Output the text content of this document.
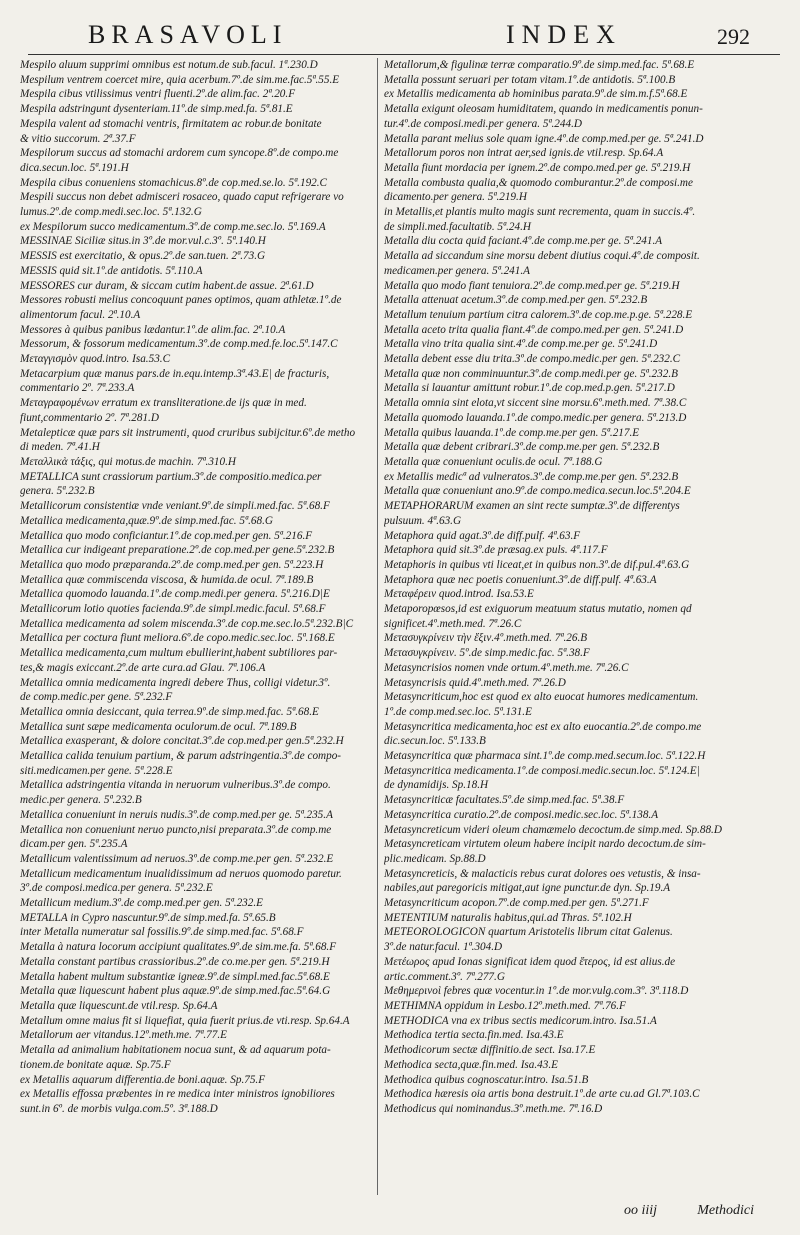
BRASAVOLI	INDEX	292
Mespilo aluum supprimi omnibus est notum.de sub.facul. 1ª.230.D
Mespilum ventrem coercet mire, quia acerbum.7º.de sim.me.fac.5ª.55.E
Mespila cibus vtilissimus ventri fluenti.2º.de alim.fac. 2ª.20.F
Mespila adstringunt dysenteriam.11º.de simp.med.fa. 5ª.81.E
Mespila valent ad stomachi ventris, firmitatem ac robur.de bonitate
& vitio succorum. 2ª.37.F
Mespilorum succus ad stomachi ardorem cum syncope.8º.de compo.me
dica.secun.loc. 5ª.191.H
Mespila cibus conueniens stomachicus.8º.de cop.med.se.lo. 5ª.192.C
Mespili succus non debet admisceri rosaceo, quado caput refrigerare vo
lumus.2º.de comp.medi.sec.loc. 5ª.132.G
ex Mespilorum succo medicamentum.3º.de comp.me.sec.lo. 5ª.169.A
MESSINAE Siciliæ situs.in 3º.de mor.vul.c.3º. 5ª.140.H
MESSIS est exercitatio, & opus.2º.de san.tuen. 2ª.73.G
MESSIS quid sit.1º.de antidotis. 5ª.110.A
MESSORES cur duram, & siccam cutim habent.de assue. 2ª.61.D
Messores robusti melius concoquunt panes optimos, quam athletæ.1º.de
alimentorum facul. 2ª.10.A
Messores à quibus panibus lædantur.1º.de alim.fac. 2ª.10.A
Messorum, & fossorum medicamentum.3º.de comp.med.fe.loc.5ª.147.C
Μεταγγισμὸν quod.intro. Isa.53.C
Metacarpium quæ manus pars.de in.equ.intemp.3ª.43.E| de fracturis,
commentario 2º. 7ª.233.A
Μεταγραφομένων erratum ex transliteratione.de ijs quæ in med.
fiunt,commentario 2º. 7ª.281.D
Metalepticæ quæ pars sit instrumenti, quod cruribus subijcitur.6º.de metho
di meden. 7ª.41.H
Μεταλλικὰ τάξις, qui motus.de machin. 7ª.310.H
METALLICA sunt crassiorum partium.3º.de compositio.medica.per
genera. 5ª.232.B
Metallicorum consistentiæ vnde veniant.9º.de simpli.med.fac. 5ª.68.F
Metallica medicamenta,quæ.9º.de simp.med.fac. 5ª.68.G
Metallica quo modo conficiantur.1º.de cop.med.per gen. 5ª.216.F
Metallica cur indigeant preparatione.2º.de cop.med.per gene.5ª.232.B
Metallica quo modo præparanda.2º.de comp.med.per gen. 5ª.223.H
Metallica quæ commiscenda viscosa, & humida.de ocul. 7ª.189.B
Metallica quomodo lauanda.1º.de comp.medi.per genera. 5ª.216.D|E
Metallicorum lotio quoties facienda.9º.de simpl.medic.facul. 5ª.68.F
Metallica medicamenta ad solem miscenda.3º.de cop.me.sec.lo.5ª.232.B|C
Metallica per coctura fiunt meliora.6º.de copo.medic.sec.loc. 5ª.168.E
Metallica medicamenta,cum multum ebullierint,habent subtiliores par-
tes,& magis exiccant.2º.de arte cura.ad Glau. 7ª.106.A
Metallica omnia medicamenta ingredi debere Thus, colligi videtur.3º.
de comp.medic.per gene. 5ª.232.F
Metallica omnia desiccant, quia terrea.9º.de simp.med.fac. 5ª.68.E
Metallica sunt sæpe medicamenta oculorum.de ocul. 7ª.189.B
Metallica exasperant, & dolore concitat.3º.de cop.med.per gen.5ª.232.H
Metallica calida tenuium partium, & parum adstringentia.3º.de compo-
siti.medicamen.per gene. 5ª.228.E
Metallica adstringentia vitanda in neruorum vulneribus.3º.de compo.
medic.per genera. 5ª.232.B
Metallica conueniunt in neruis nudis.3º.de comp.med.per ge. 5ª.235.A
Metallica non conueniunt neruo puncto,nisi preparata.3º.de comp.me
dicam.per gen. 5ª.235.A
Metallicum valentissimum ad neruos.3º.de comp.me.per gen. 5ª.232.E
Metallicum medicamentum inualidissimum ad neruos quomodo paretur.
3º.de composi.medica.per genera. 5ª.232.E
Metallicum medium.3º.de comp.med.per gen. 5ª.232.E
METALLA in Cypro nascuntur.9º.de simp.med.fa. 5ª.65.B
inter Metalla numeratur sal fossilis.9º.de simp.med.fac. 5ª.68.F
Metalla à natura locorum accipiunt qualitates.9º.de sim.me.fa. 5ª.68.F
Metalla constant partibus crassioribus.2º.de co.me.per gen. 5ª.219.H
Metalla habent multum substantiæ igneæ.9º.de simpl.med.fac.5ª.68.E
Metalla quæ liquescunt habent plus aquæ.9º.de simp.med.fac.5ª.64.G
Metalla quæ liquescunt.de vtil.resp. Sp.64.A
Metallum omne maius fit si liquefiat, quia fuerit prius.de vti.resp. Sp.64.A
Metallorum aer vitandus.12º.meth.me. 7ª.77.E
Metalla ad animalium habitationem nocua sunt, & ad aquarum pota-
tionem.de bonitate aquæ. Sp.75.F
ex Metallis aquarum differentia.de boni.aquæ. Sp.75.F
ex Metallis effossa præbentes in re medica inter ministros ignobiliores
sunt.in 6º. de morbis vulga.com.5º. 3ª.188.D
Metallorum,& figulinæ terræ comparatio.9º.de simp.med.fac. 5ª.68.E
Metalla possunt seruari per totam vitam.1º.de antidotis. 5ª.100.B
ex Metallis medicamenta ab hominibus parata.9º.de sim.m.f.5ª.68.E
Metalla exigunt oleosam humiditatem, quando in medicamentis ponun-
tur.4º.de composi.medi.per genera. 5ª.244.D
Metalla parant melius sole quam igne.4º.de comp.med.per ge. 5ª.241.D
Metallorum poros non intrat aer,sed ignis.de vtil.resp. Sp.64.A
Metalla fiunt mordacia per ignem.2º.de compo.med.per ge. 5ª.219.H
Metalla combusta qualia,& quomodo comburantur.2º.de composi.me
dicamento.per genera. 5ª.219.H
in Metallis,et plantis multo magis sunt recrementa, quam in succis.4º.
de simpli.med.facultatib. 5ª.24.H
Metalla diu cocta quid faciant.4º.de comp.me.per ge. 5ª.241.A
Metalla ad siccandum sine morsu debent diutius coqui.4º.de composit.
medicamen.per genera. 5ª.241.A
Metalla quo modo fiant tenuiora.2º.de comp.med.per ge. 5ª.219.H
Metalla attenuat acetum.3º.de comp.med.per gen. 5ª.232.B
Metallum tenuium partium citra calorem.3º.de cop.me.p.ge. 5ª.228.E
Metalla aceto trita qualia fiant.4º.de compo.med.per gen. 5ª.241.D
Metalla vino trita qualia sint.4º.de comp.me.per ge. 5ª.241.D
Metalla debent esse diu trita.3º.de compo.medic.per gen. 5ª.232.C
Metalla quæ non comminuuntur.3º.de comp.medi.per ge. 5ª.232.B
Metalla si lauantur amittunt robur.1º.de cop.med.p.gen. 5ª.217.D
Metalla omnia sint elota,vt siccent sine morsu.6º.meth.med. 7ª.38.C
Metalla quomodo lauanda.1º.de compo.medic.per genera. 5ª.213.D
Metalla quibus lauanda.1º.de comp.me.per gen. 5ª.217.E
Metalla quæ debent cribrari.3º.de comp.me.per gen. 5ª.232.B
Metalla quæ conueniunt oculis.de ocul. 7ª.188.G
ex Metallis medicª ad vulneratos.3º.de comp.me.per gen. 5ª.232.B
Metalla quæ conueniunt ano.9º.de compo.medica.secun.loc.5ª.204.E
METAPHORARUM examen an sint recte sumptæ.3º.de differentys
pulsuum. 4ª.63.G
Metaphora quid agat.3º.de diff.pulf. 4ª.63.F
Metaphora quid sit.3º.de præsag.ex puls. 4ª.117.F
Metaphoris in quibus vti liceat,et in quibus non.3º.de dif.pul.4ª.63.G
Metaphora quæ nec poetis conueniunt.3º.de diff.pulf. 4ª.63.A
Μεταφέρειν quod.introd. Isa.53.E
Metaporopœsos,id est exiguorum meatuum status mutatio, nomen qd
significet.4º.meth.med. 7ª.26.C
Μετασυγκρίνειν τὴν ἕξιν.4º.meth.med. 7ª.26.B
Μετασυγκρίνειν. 5º.de simp.medic.fac. 5ª.38.F
Metasyncrisios nomen vnde ortum.4º.meth.me. 7ª.26.C
Metasyncrisis quid.4º.meth.med. 7ª.26.D
Metasyncriticum,hoc est quod ex alto euocat humores medicamentum.
1º.de comp.med.sec.loc. 5ª.131.E
Metasyncritica medicamenta,hoc est ex alto euocantia.2º.de compo.me
dic.secun.loc. 5ª.133.B
Metasyncritica quæ pharmaca sint.1º.de comp.med.secum.loc. 5ª.122.H
Metasyncritica medicamenta.1º.de composi.medic.secun.loc. 5ª.124.E|
de dynamidijs. Sp.18.H
Metasyncriticæ facultates.5º.de simp.med.fac. 5ª.38.F
Metasyncritica curatio.2º.de composi.medic.sec.loc. 5ª.138.A
Metasyncreticum videri oleum chamæmelo decoctum.de simp.med. Sp.88.D
Metasyncreticam virtutem oleum habere incipit nardo decoctum.de sim-
plic.medicam. Sp.88.D
Metasyncreticis, & malacticis rebus curat dolores oes vetustis, & insa-
nabiles,aut paregoricis mitigat,aut igne punctur.de dyn. Sp.19.A
Metasyncriticum acopon.7º.de comp.med.per gen. 5ª.271.F
METENTIUM naturalis habitus,qui.ad Thras. 5ª.102.H
METEOROLOGICON quartum Aristotelis librum citat Galenus.
3º.de natur.facul. 1ª.304.D
Μετέωρος apud Ionas significat idem quod ἕτερος, id est alius.de
artic.comment.3º. 7ª.277.G
Μεθημερινοὶ febres quæ vocentur.in 1º.de mor.vulg.com.3º. 3ª.118.D
METHIMNA oppidum in Lesbo.12º.meth.med. 7ª.76.F
METHODICA vna ex tribus sectis medicorum.intro. Isa.51.A
Methodica tertia secta.fin.med. Isa.43.E
Methodicorum sectæ diffinitio.de sect. Isa.17.E
Methodica secta,quæ.fin.med. Isa.43.E
Methodica quibus cognoscatur.intro. Isa.51.B
Methodica hæresis oia artis bona destruit.1º.de arte cu.ad Gl.7ª.103.C
Methodicus qui nominandus.3º.meth.me. 7ª.16.D
oo iiij	Methodici
